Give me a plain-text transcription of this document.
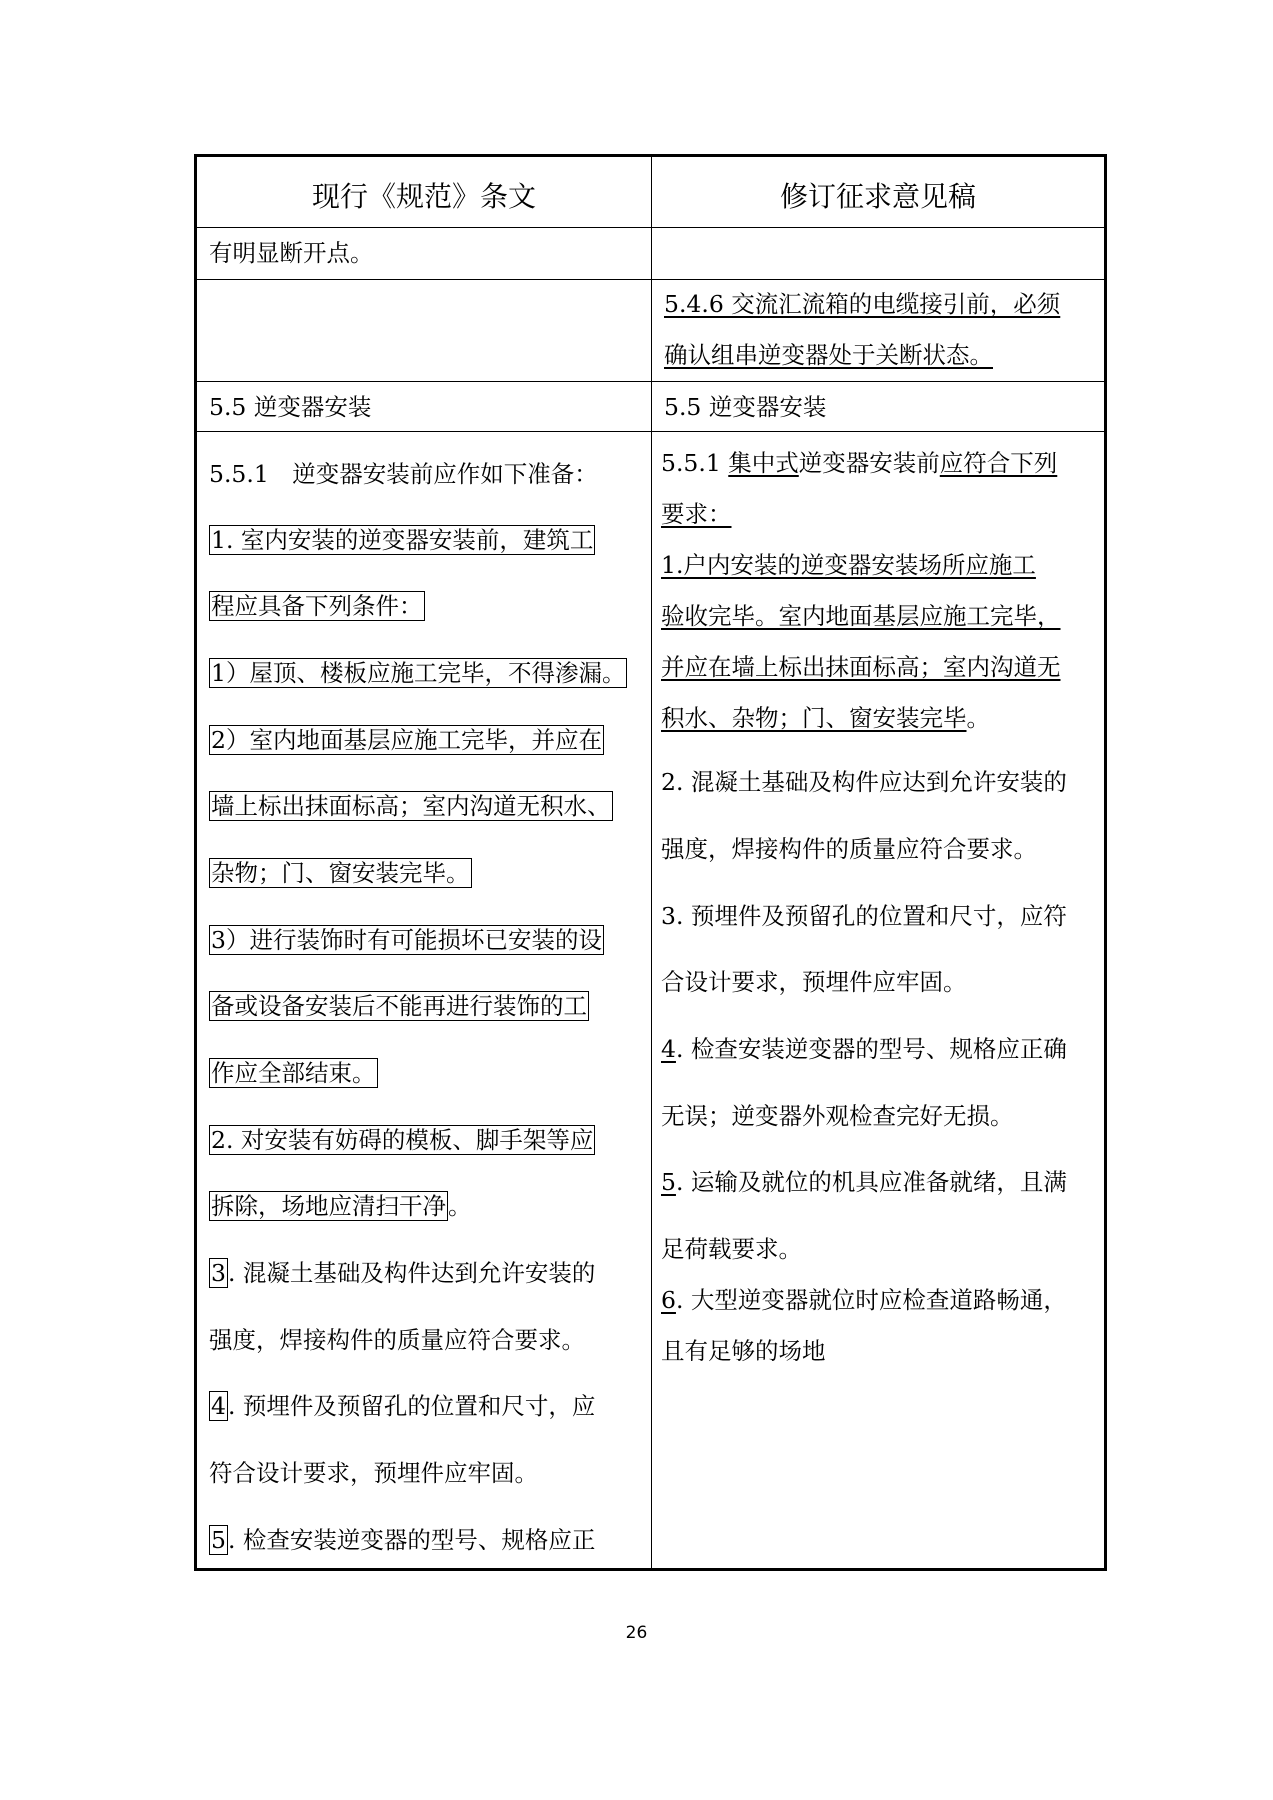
现行《规范》条文	修订征求意见稿
有明显断开点。
5.4.6 交流汇流箱的电缆接引前，必须
确认组串逆变器处于关断状态。
5.5 逆变器安装	5.5 逆变器安装
5.5.1　逆变器安装前应作如下准备：
1. 室内安装的逆变器安装前，建筑工
程应具备下列条件：
1）屋顶、楼板应施工完毕，不得渗漏。
2）室内地面基层应施工完毕，并应在
墙上标出抹面标高；室内沟道无积水、
杂物；门、窗安装完毕。
3）进行装饰时有可能损坏已安装的设
备或设备安装后不能再进行装饰的工
作应全部结束。
2. 对安装有妨碍的模板、脚手架等应
拆除，场地应清扫干净。
3. 混凝土基础及构件达到允许安装的
强度，焊接构件的质量应符合要求。
4. 预埋件及预留孔的位置和尺寸，应
符合设计要求，预埋件应牢固。
5. 检查安装逆变器的型号、规格应正
5.5.1 集中式逆变器安装前应符合下列
要求：
1.户内安装的逆变器安装场所应施工
验收完毕。室内地面基层应施工完毕，
并应在墙上标出抹面标高；室内沟道无
积水、杂物；门、窗安装完毕。
2. 混凝土基础及构件应达到允许安装的
强度，焊接构件的质量应符合要求。
3. 预埋件及预留孔的位置和尺寸，应符
合设计要求，预埋件应牢固。
4. 检查安装逆变器的型号、规格应正确
无误；逆变器外观检查完好无损。
5. 运输及就位的机具应准备就绪，且满
足荷载要求。
6. 大型逆变器就位时应检查道路畅通，
且有足够的场地
26
